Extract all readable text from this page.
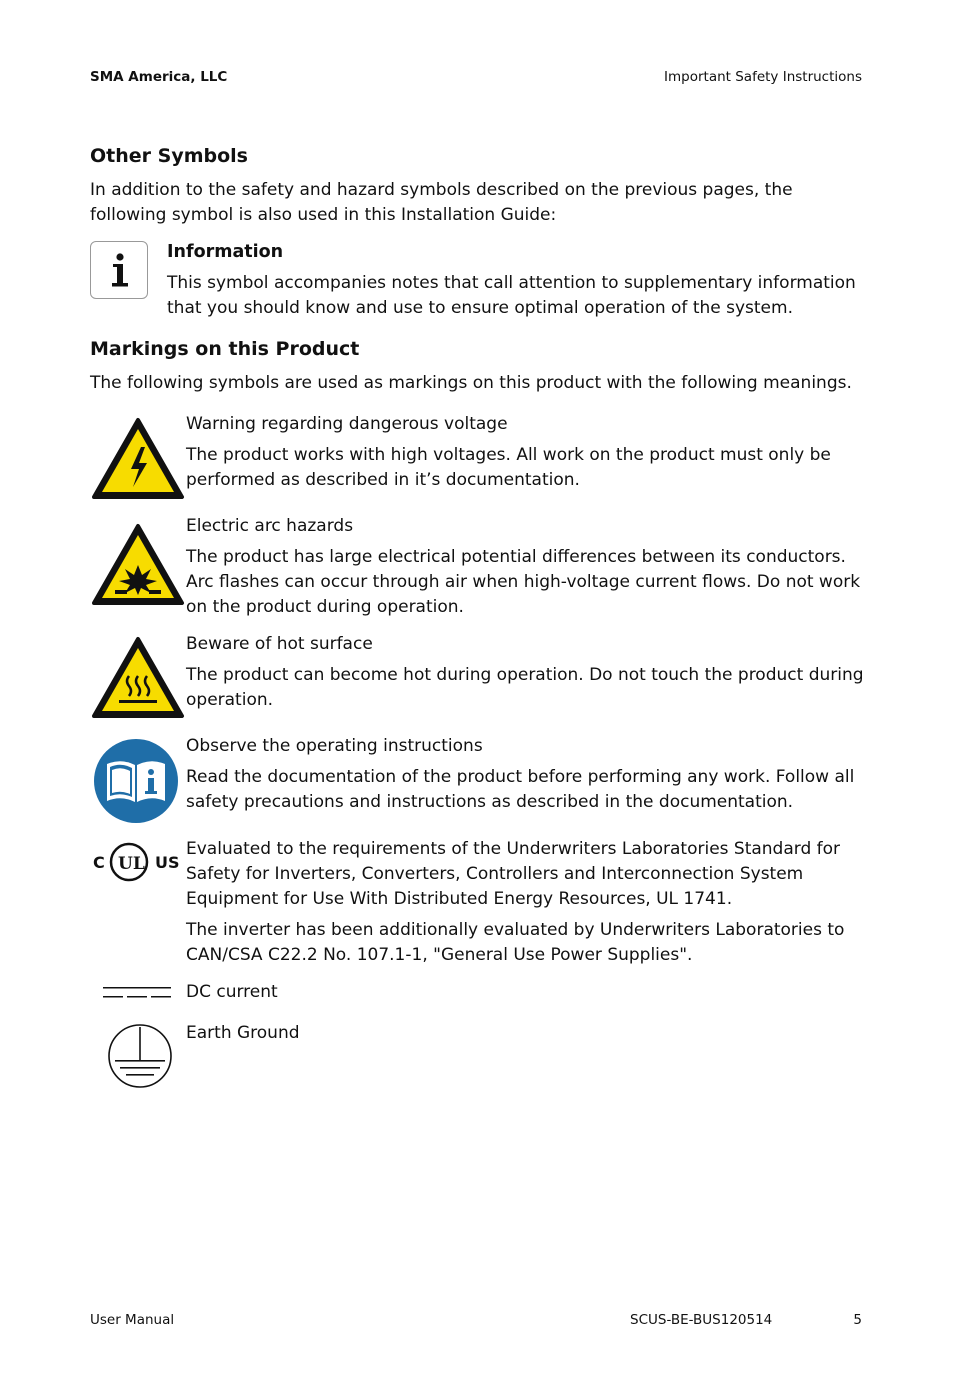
SMA America, LLC	Important Safety Instructions
Other Symbols
In addition to the safety and hazard symbols described on the previous pages, the following symbol is also used in this Installation Guide:

Information

This symbol accompanies notes that call attention to supplementary information that you should know and use to ensure optimal operation of the system.

Markings on this Product
The following symbols are used as markings on this product with the following meanings.

Warning regarding dangerous voltage

The product works with high voltages. All work on the product must only be performed as described in it’s documentation.

Electric arc hazards

The product has large electrical potential differences between its conductors. Arc flashes can occur through air when high-voltage current flows. Do not work on the product during operation.

Beware of hot surface

The product can become hot during operation. Do not touch the product during operation.

Observe the operating instructions

Read the documentation of the product before performing any work. Follow all safety precautions and instructions as described in the documentation.

C UL US

Evaluated to the requirements of the Underwriters Laboratories Standard for Safety for Inverters, Converters, Controllers and Interconnection System Equipment for Use With Distributed Energy Resources, UL 1741.

The inverter has been additionally evaluated by Underwriters Laboratories to CAN/CSA C22.2 No. 107.1-1, "General Use Power Supplies".

DC current

Earth Ground

User Manual	SCUS-BE-BUS120514	5
